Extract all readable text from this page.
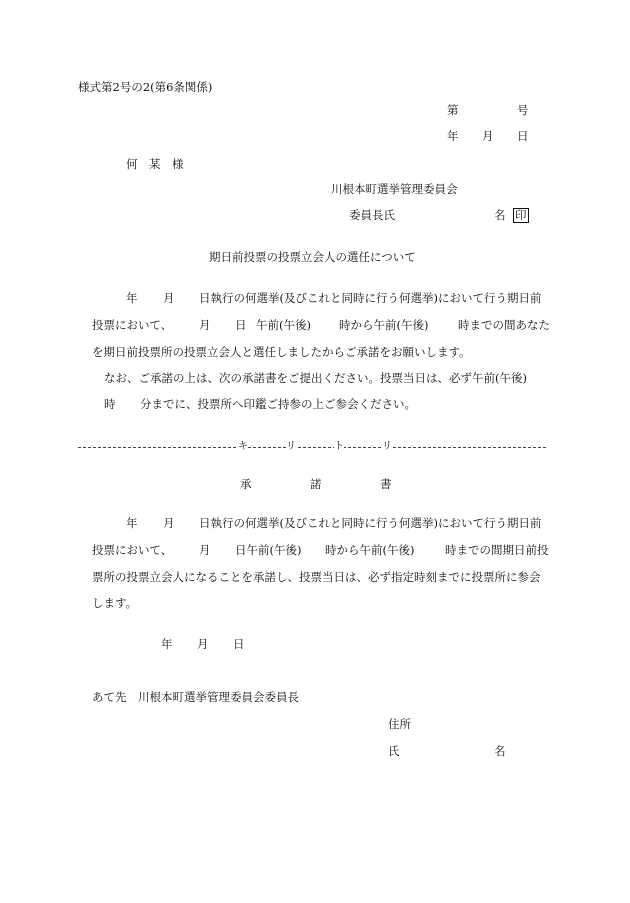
様式第2号の2(第6条関係)
第	号
年 月 日
何　某　様
川根本町選挙管理委員会
委員長氏	名 印
期日前投票の投票立会人の選任について
年 月 日執行の何選挙(及びこれと同時に行う何選挙)において行う期日前
投票において、 月 日 午前(午後) 時から午前(午後)	時までの間あなた
を期日前投票所の投票立会人と選任しましたからご承諾をお願いします。
なお、ご承諾の上は、次の承諾書をご提出ください。投票当日は、必ず午前(午後)
時 分までに、投票所へ印鑑ご持参の上ご参会ください。
キ	リ	ト	リ
承	諾	書
年 月 日執行の何選挙(及びこれと同時に行う何選挙)において行う期日前
投票において、 月 日午前(午後) 時から午前(午後)	時までの間期日前投
票所の投票立会人になることを承諾し、投票当日は、必ず指定時刻までに投票所に参会
します。
年 月 日
あて先　川根本町選挙管理委員会委員長
住所
氏	名
